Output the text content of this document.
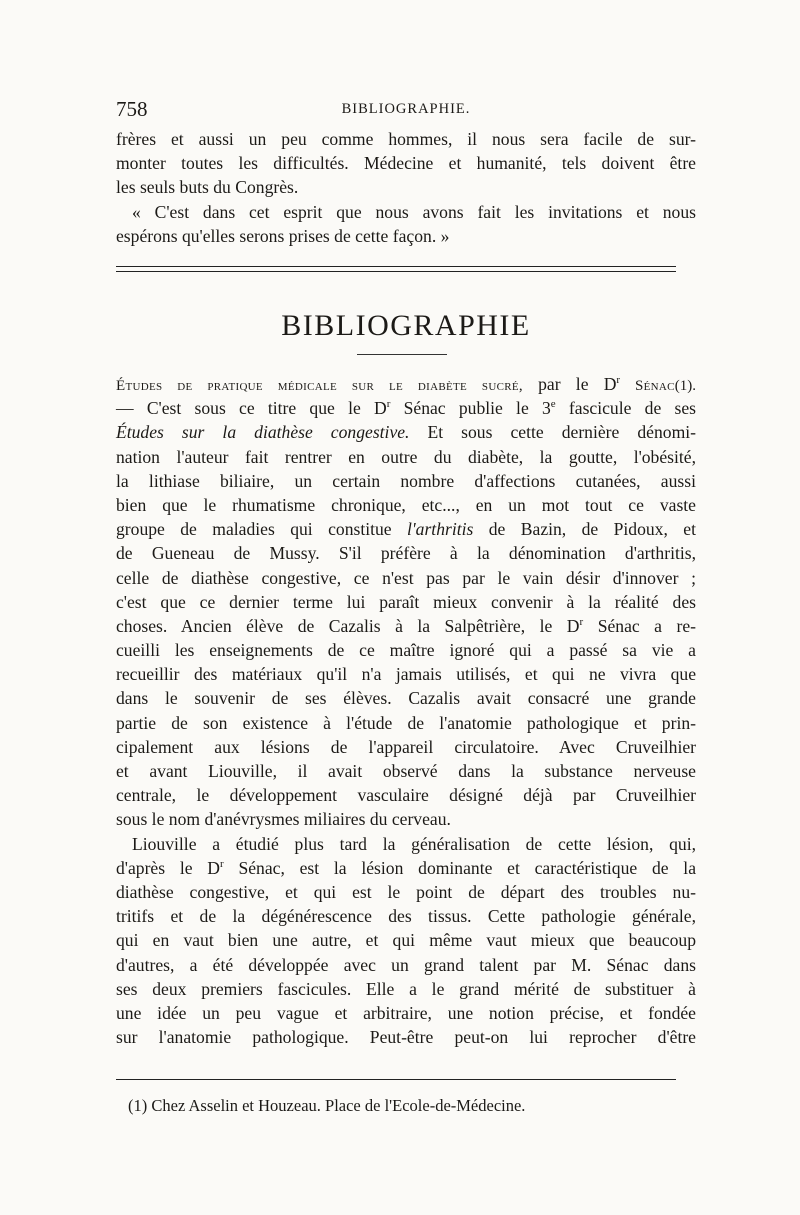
758	BIBLIOGRAPHIE.

frères et aussi un peu comme hommes, il nous sera facile de sur-

monter toutes les difficultés. Médecine et humanité, tels doivent être

les seuls buts du Congrès.

« C'est dans cet esprit que nous avons fait les invitations et nous

espérons qu'elles serons prises de cette façon. »

BIBLIOGRAPHIE

Études de pratique médicale sur le diabète sucré, par le $D^r$ Sénac(1).

— C'est sous ce titre que le $D^r$ Sénac publie le 3e fascicule de ses

Études sur la diathèse congestive. Et sous cette dernière dénomi-

nation l'auteur fait rentrer en outre du diabète, la goutte, l'obésité,

la lithiase biliaire, un certain nombre d'affections cutanées, aussi

bien que le rhumatisme chronique, etc..., en un mot tout ce vaste

groupe de maladies qui constitue l'arthritis de Bazin, de Pidoux, et

de Gueneau de Mussy. S'il préfère à la dénomination d'arthritis,

celle de diathèse congestive, ce n'est pas par le vain désir d'innover ;

c'est que ce dernier terme lui paraît mieux convenir à la réalité des

choses. Ancien élève de Cazalis à la Salpêtrière, le $D^r$ Sénac a re-

cueilli les enseignements de ce maître ignoré qui a passé sa vie a

recueillir des matériaux qu'il n'a jamais utilisés, et qui ne vivra que

dans le souvenir de ses élèves. Cazalis avait consacré une grande

partie de son existence à l'étude de l'anatomie pathologique et prin-

cipalement aux lésions de l'appareil circulatoire. Avec Cruveilhier

et avant Liouville, il avait observé dans la substance nerveuse

centrale, le développement vasculaire désigné déjà par Cruveilhier

sous le nom d'anévrysmes miliaires du cerveau.

Liouville a étudié plus tard la généralisation de cette lésion, qui,

d'après le $D^r$ Sénac, est la lésion dominante et caractéristique de la

diathèse congestive, et qui est le point de départ des troubles nu-

tritifs et de la dégénérescence des tissus. Cette pathologie générale,

qui en vaut bien une autre, et qui même vaut mieux que beaucoup

d'autres, a été développée avec un grand talent par M. Sénac dans

ses deux premiers fascicules. Elle a le grand mérité de substituer à

une idée un peu vague et arbitraire, une notion précise, et fondée

sur l'anatomie pathologique. Peut-être peut-on lui reprocher d'être

(1) Chez Asselin et Houzeau. Place de l'Ecole-de-Médecine.
